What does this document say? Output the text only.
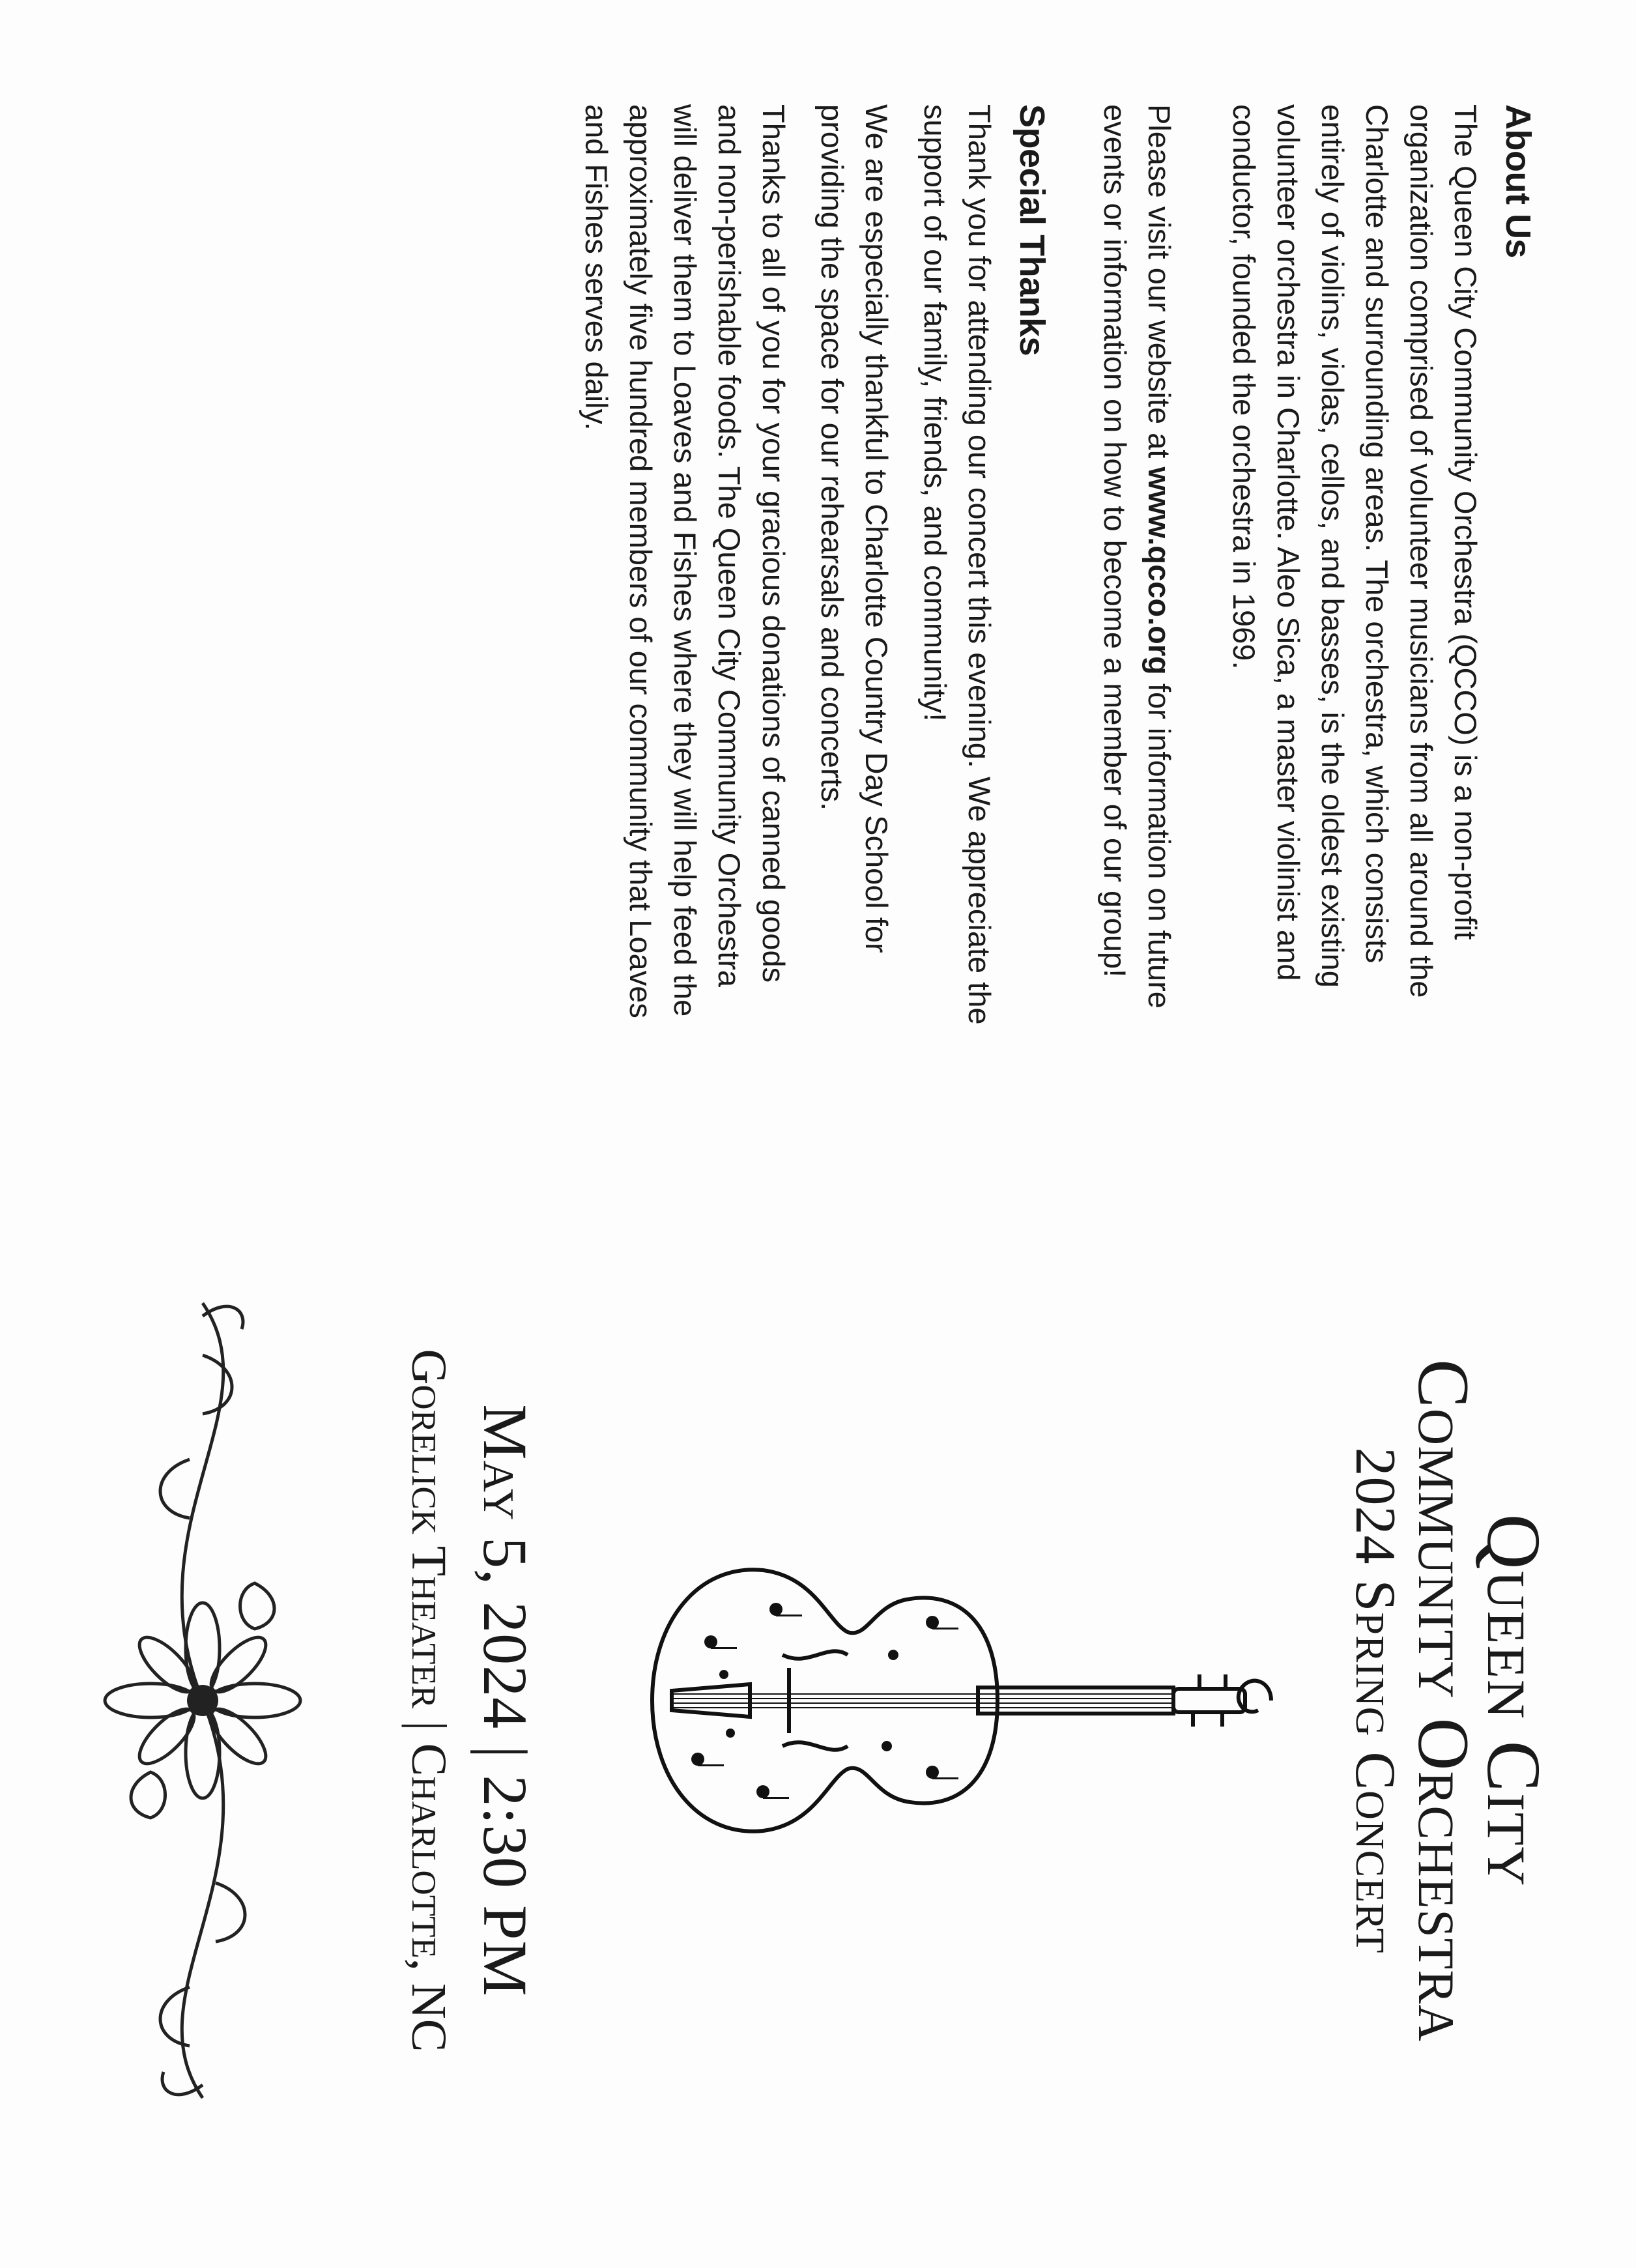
About Us

The Queen City Community Orchestra (QCCO) is a non-profit organization comprised of volunteer musicians from all around the Charlotte and surrounding areas. The orchestra, which consists entirely of violins, violas, cellos, and basses, is the oldest existing volunteer orchestra in Charlotte. Aleo Sica, a master violinist and conductor, founded the orchestra in 1969.

Please visit our website at www.qcco.org for information on future events or information on how to become a member of our group!

Special Thanks

Thank you for attending our concert this evening. We appreciate the support of our family, friends, and community!

We are especially thankful to Charlotte Country Day School for providing the space for our rehearsals and concerts.

Thanks to all of you for your gracious donations of canned goods and non-perishable foods. The Queen City Community Orchestra will deliver them to Loaves and Fishes where they will help feed the approximately five hundred members of our community that Loaves and Fishes serves daily.

Queen City
Community Orchestra
2024 Spring Concert
May 5, 2024 | 2:30 PM
Gorelick Theater | Charlotte, NC
